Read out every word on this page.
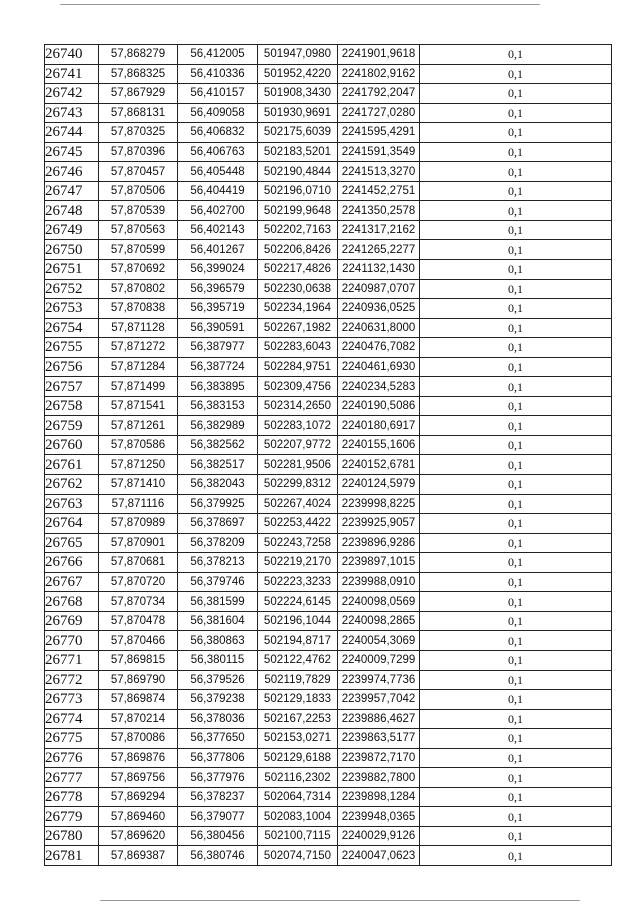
26740	57,868279	56,412005	501947,0980	2241901,9618	0,1
26741	57,868325	56,410336	501952,4220	2241802,9162	0,1
26742	57,867929	56,410157	501908,3430	2241792,2047	0,1
26743	57,868131	56,409058	501930,9691	2241727,0280	0,1
26744	57,870325	56,406832	502175,6039	2241595,4291	0,1
26745	57,870396	56,406763	502183,5201	2241591,3549	0,1
26746	57,870457	56,405448	502190,4844	2241513,3270	0,1
26747	57,870506	56,404419	502196,0710	2241452,2751	0,1
26748	57,870539	56,402700	502199,9648	2241350,2578	0,1
26749	57,870563	56,402143	502202,7163	2241317,2162	0,1
26750	57,870599	56,401267	502206,8426	2241265,2277	0,1
26751	57,870692	56,399024	502217,4826	2241132,1430	0,1
26752	57,870802	56,396579	502230,0638	2240987,0707	0,1
26753	57,870838	56,395719	502234,1964	2240936,0525	0,1
26754	57,871128	56,390591	502267,1982	2240631,8000	0,1
26755	57,871272	56,387977	502283,6043	2240476,7082	0,1
26756	57,871284	56,387724	502284,9751	2240461,6930	0,1
26757	57,871499	56,383895	502309,4756	2240234,5283	0,1
26758	57,871541	56,383153	502314,2650	2240190,5086	0,1
26759	57,871261	56,382989	502283,1072	2240180,6917	0,1
26760	57,870586	56,382562	502207,9772	2240155,1606	0,1
26761	57,871250	56,382517	502281,9506	2240152,6781	0,1
26762	57,871410	56,382043	502299,8312	2240124,5979	0,1
26763	57,871116	56,379925	502267,4024	2239998,8225	0,1
26764	57,870989	56,378697	502253,4422	2239925,9057	0,1
26765	57,870901	56,378209	502243,7258	2239896,9286	0,1
26766	57,870681	56,378213	502219,2170	2239897,1015	0,1
26767	57,870720	56,379746	502223,3233	2239988,0910	0,1
26768	57,870734	56,381599	502224,6145	2240098,0569	0,1
26769	57,870478	56,381604	502196,1044	2240098,2865	0,1
26770	57,870466	56,380863	502194,8717	2240054,3069	0,1
26771	57,869815	56,380115	502122,4762	2240009,7299	0,1
26772	57,869790	56,379526	502119,7829	2239974,7736	0,1
26773	57,869874	56,379238	502129,1833	2239957,7042	0,1
26774	57,870214	56,378036	502167,2253	2239886,4627	0,1
26775	57,870086	56,377650	502153,0271	2239863,5177	0,1
26776	57,869876	56,377806	502129,6188	2239872,7170	0,1
26777	57,869756	56,377976	502116,2302	2239882,7800	0,1
26778	57,869294	56,378237	502064,7314	2239898,1284	0,1
26779	57,869460	56,379077	502083,1004	2239948,0365	0,1
26780	57,869620	56,380456	502100,7115	2240029,9126	0,1
26781	57,869387	56,380746	502074,7150	2240047,0623	0,1
